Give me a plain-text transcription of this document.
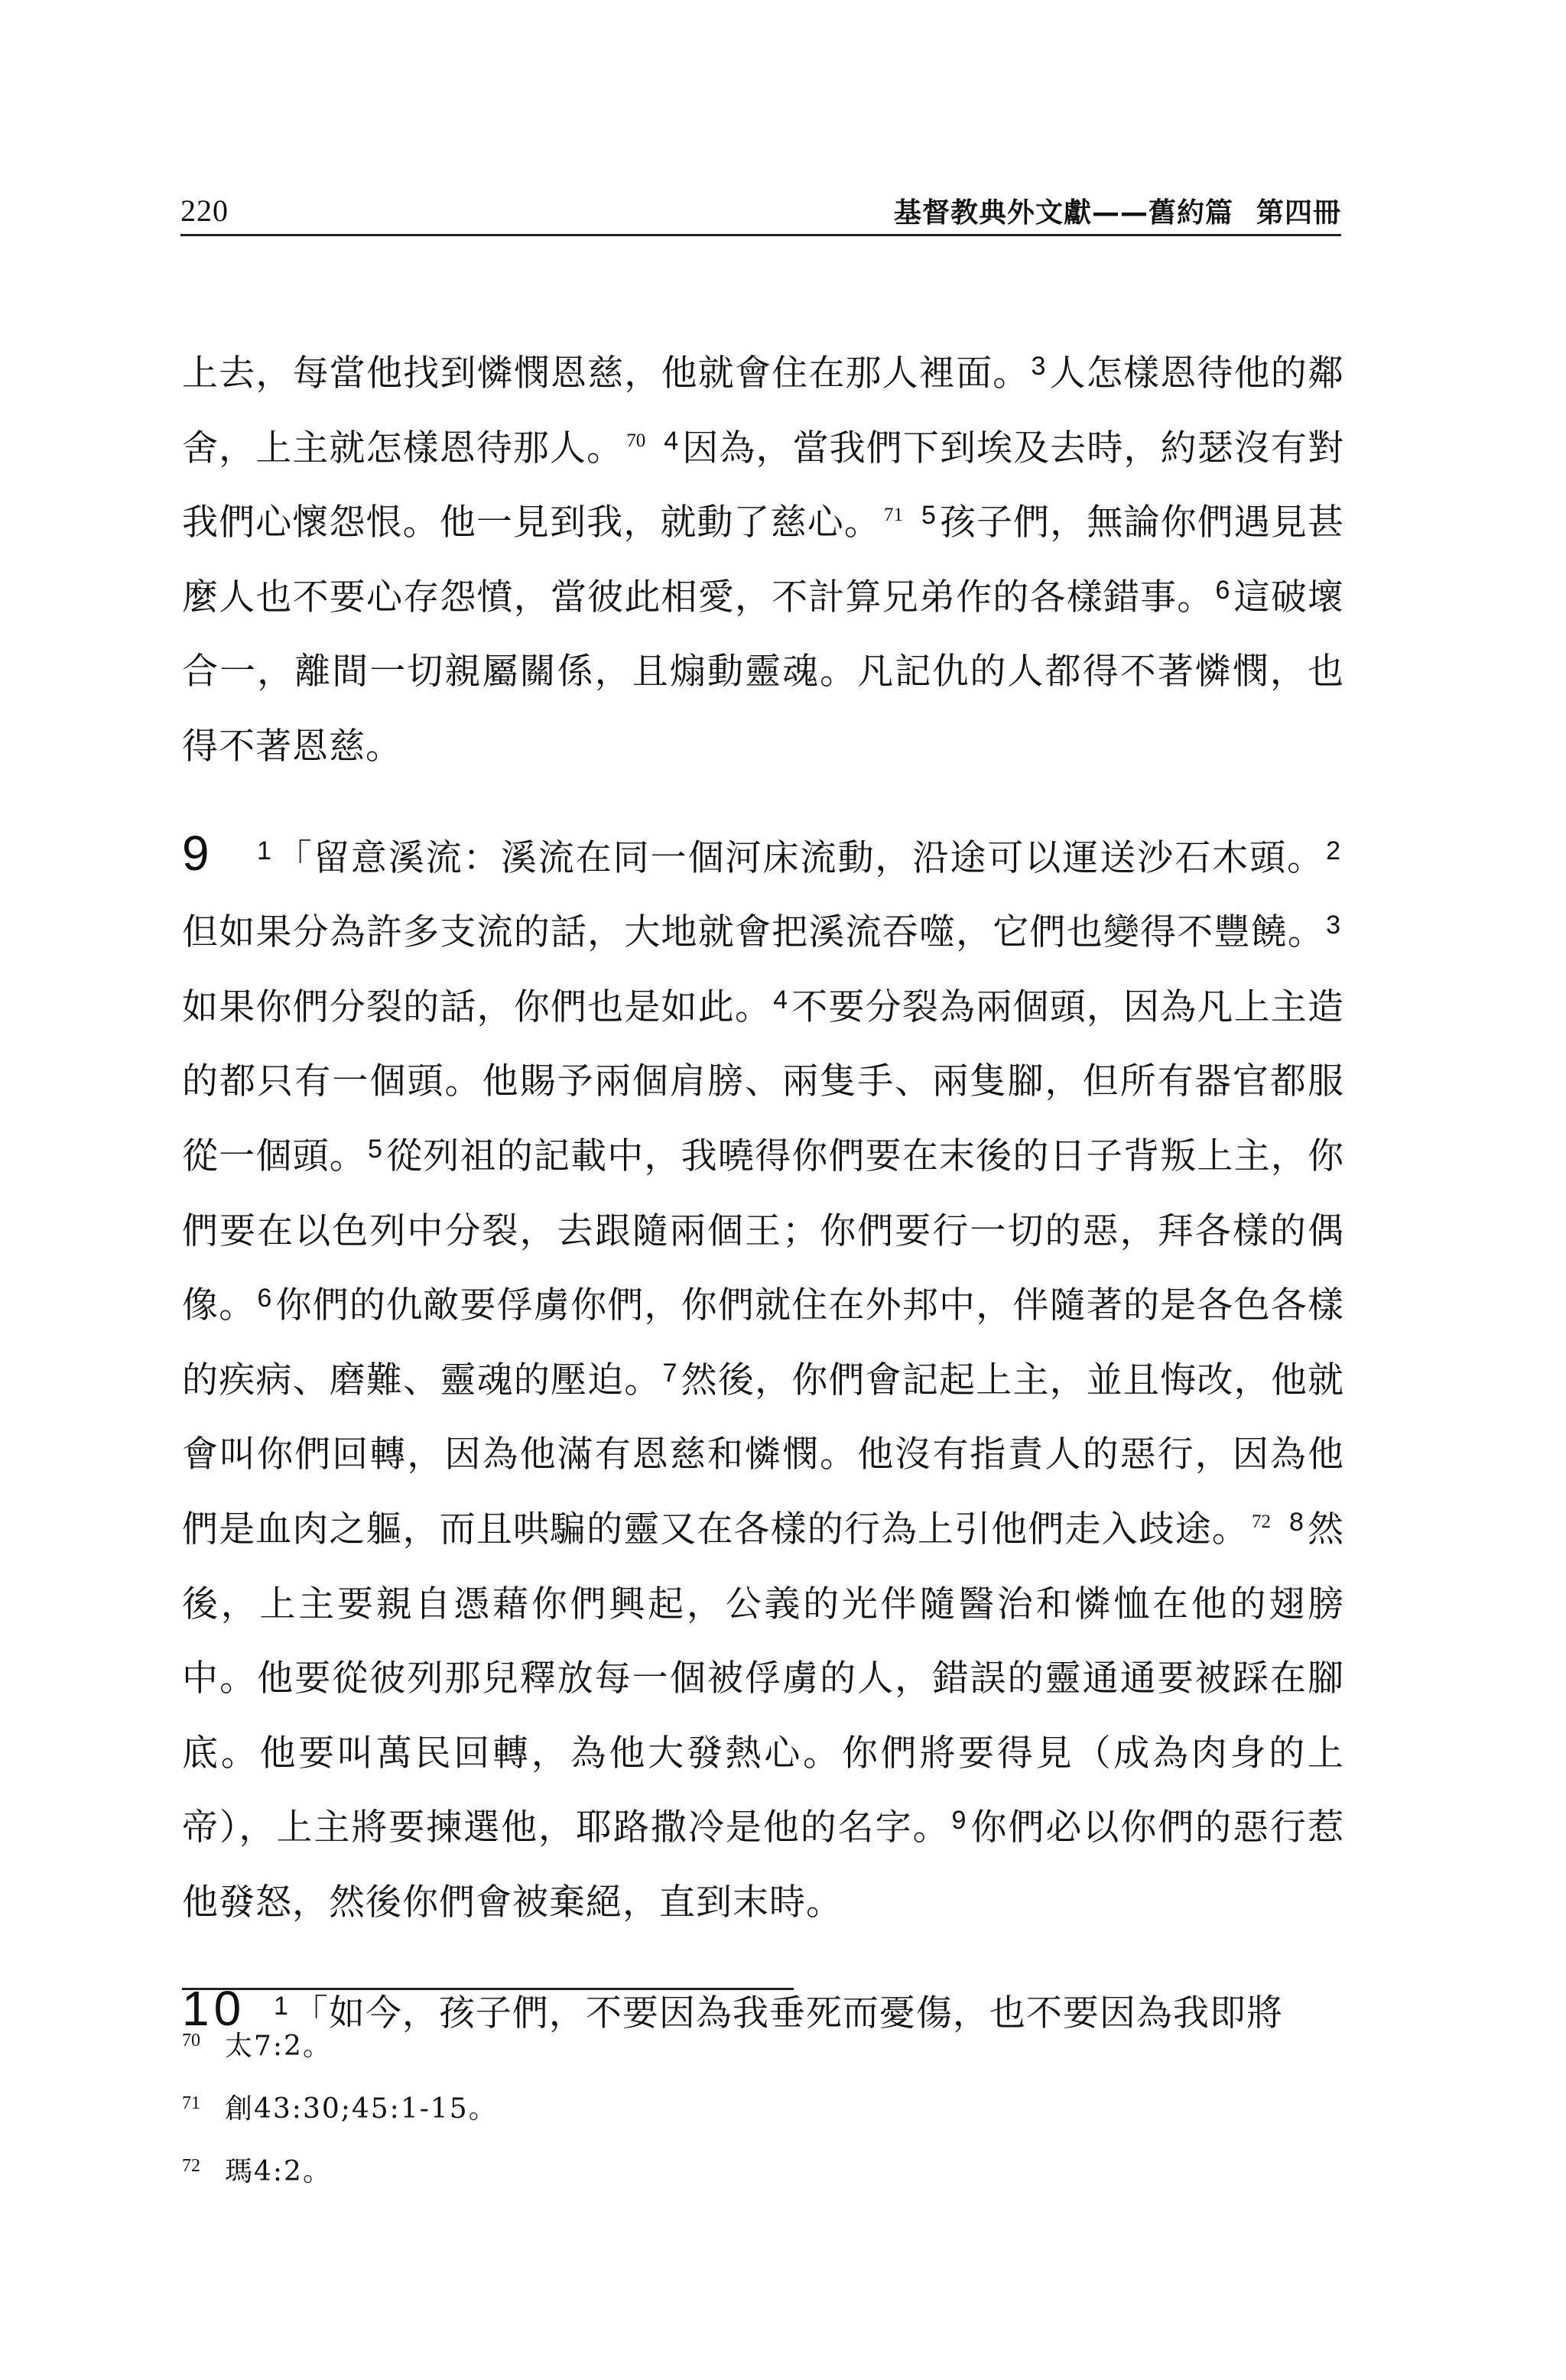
220	基督教典外文獻——舊約篇 第四冊

上去，每當他找到憐憫恩慈，他就會住在那人裡面。$^3$人怎樣恩待他的鄰舍，上主就怎樣恩待那人。 $^{70}$ $^4$因為，當我們下到埃及去時，約瑟沒有對我們心懷怨恨。他一見到我，就動了慈心。 $^{71}$ $^5$孩子們，無論你們遇見甚麼人也不要心存怨憤，當彼此相愛，不計算兄弟作的各樣錯事。$^6$這破壞合一，離間一切親屬關係，且煽動靈魂。凡記仇的人都得不著憐憫，也得不著恩慈。

9 $^1$「留意溪流：溪流在同一個河床流動，沿途可以運送沙石木頭。$^2$但如果分為許多支流的話，大地就會把溪流吞噬，它們也變得不豐饒。$^3$如果你們分裂的話，你們也是如此。$^4$不要分裂為兩個頭，因為凡上主造的都只有一個頭。他賜予兩個肩膀、兩隻手、兩隻腳，但所有器官都服從一個頭。$^5$從列祖的記載中，我曉得你們要在末後的日子背叛上主，你們要在以色列中分裂，去跟隨兩個王；你們要行一切的惡，拜各樣的偶像。$^6$你們的仇敵要俘虜你們，你們就住在外邦中，伴隨著的是各色各樣的疾病、磨難、靈魂的壓迫。$^7$然後，你們會記起上主，並且悔改，他就會叫你們回轉，因為他滿有恩慈和憐憫。他沒有指責人的惡行，因為他們是血肉之軀，而且哄騙的靈又在各樣的行為上引他們走入歧途。 $^{72}$ $^8$然後，上主要親自憑藉你們興起，公義的光伴隨醫治和憐恤在他的翅膀中。他要從彼列那兒釋放每一個被俘虜的人，錯誤的靈通通要被踩在腳底。他要叫萬民回轉，為他大發熱心。你們將要得見（成為肉身的上帝），上主將要揀選他，耶路撒冷是他的名字。$^9$你們必以你們的惡行惹他發怒，然後你們會被棄絕，直到末時。

10 $^1$「如今，孩子們，不要因為我垂死而憂傷，也不要因為我即將

70 太7:2。
71 創43:30;45:1-15。
72 瑪4:2。
